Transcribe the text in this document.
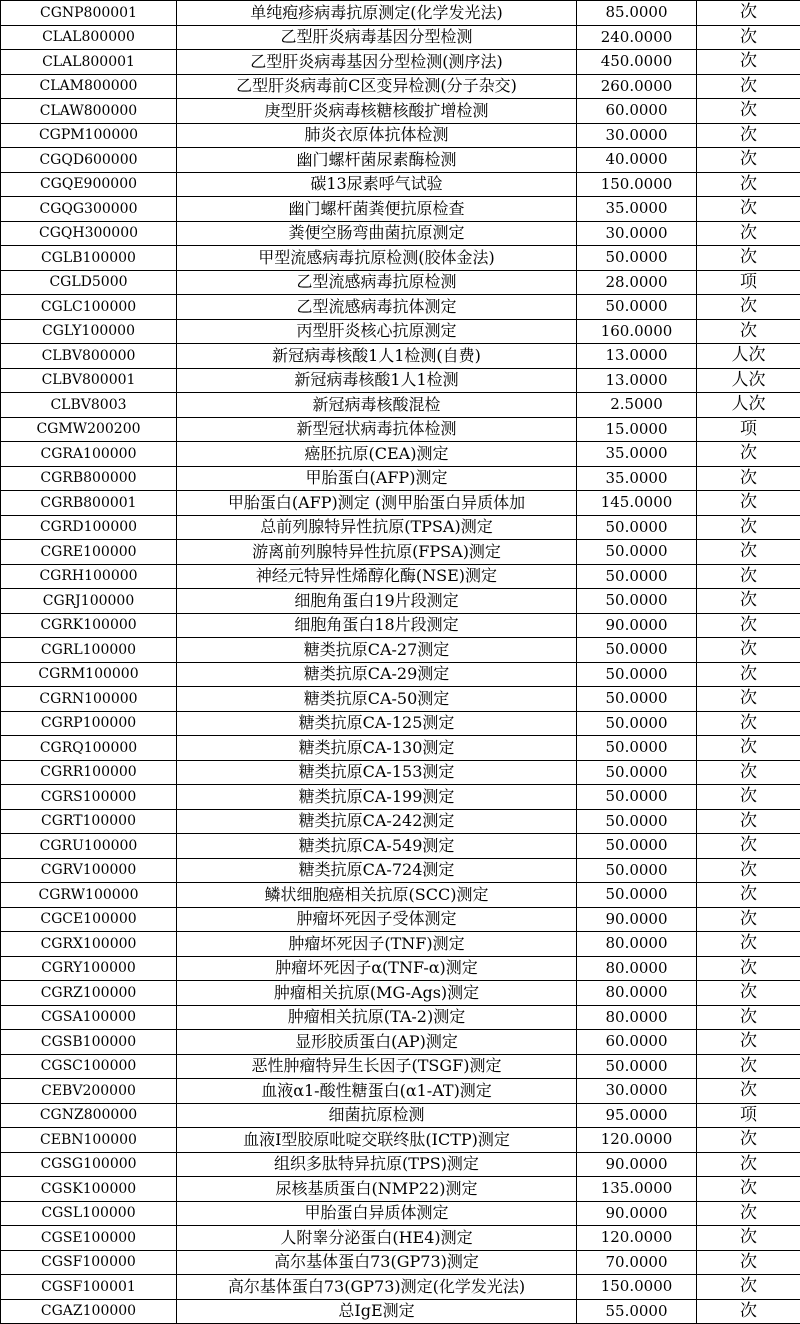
CGNP800001	单纯疱疹病毒抗原测定(化学发光法)	85.0000	次
CLAL800000	乙型肝炎病毒基因分型检测	240.0000	次
CLAL800001	乙型肝炎病毒基因分型检测(测序法)	450.0000	次
CLAM800000	乙型肝炎病毒前C区变异检测(分子杂交)	260.0000	次
CLAW800000	庚型肝炎病毒核糖核酸扩增检测	60.0000	次
CGPM100000	肺炎衣原体抗体检测	30.0000	次
CGQD600000	幽门螺杆菌尿素酶检测	40.0000	次
CGQE900000	碳13尿素呼气试验	150.0000	次
CGQG300000	幽门螺杆菌粪便抗原检查	35.0000	次
CGQH300000	粪便空肠弯曲菌抗原测定	30.0000	次
CGLB100000	甲型流感病毒抗原检测(胶体金法)	50.0000	次
CGLD5000	乙型流感病毒抗原检测	28.0000	项
CGLC100000	乙型流感病毒抗体测定	50.0000	次
CGLY100000	丙型肝炎核心抗原测定	160.0000	次
CLBV800000	新冠病毒核酸1人1检测(自费)	13.0000	人次
CLBV800001	新冠病毒核酸1人1检测	13.0000	人次
CLBV8003	新冠病毒核酸混检	2.5000	人次
CGMW200200	新型冠状病毒抗体检测	15.0000	项
CGRA100000	癌胚抗原(CEA)测定	35.0000	次
CGRB800000	甲胎蛋白(AFP)测定	35.0000	次
CGRB800001	甲胎蛋白(AFP)测定 (测甲胎蛋白异质体加	145.0000	次
CGRD100000	总前列腺特异性抗原(TPSA)测定	50.0000	次
CGRE100000	游离前列腺特异性抗原(FPSA)测定	50.0000	次
CGRH100000	神经元特异性烯醇化酶(NSE)测定	50.0000	次
CGRJ100000	细胞角蛋白19片段测定	50.0000	次
CGRK100000	细胞角蛋白18片段测定	90.0000	次
CGRL100000	糖类抗原CA-27测定	50.0000	次
CGRM100000	糖类抗原CA-29测定	50.0000	次
CGRN100000	糖类抗原CA-50测定	50.0000	次
CGRP100000	糖类抗原CA-125测定	50.0000	次
CGRQ100000	糖类抗原CA-130测定	50.0000	次
CGRR100000	糖类抗原CA-153测定	50.0000	次
CGRS100000	糖类抗原CA-199测定	50.0000	次
CGRT100000	糖类抗原CA-242测定	50.0000	次
CGRU100000	糖类抗原CA-549测定	50.0000	次
CGRV100000	糖类抗原CA-724测定	50.0000	次
CGRW100000	鳞状细胞癌相关抗原(SCC)测定	50.0000	次
CGCE100000	肿瘤坏死因子受体测定	90.0000	次
CGRX100000	肿瘤坏死因子(TNF)测定	80.0000	次
CGRY100000	肿瘤坏死因子α(TNF-α)测定	80.0000	次
CGRZ100000	肿瘤相关抗原(MG-Ags)测定	80.0000	次
CGSA100000	肿瘤相关抗原(TA-2)测定	80.0000	次
CGSB100000	显形胶质蛋白(AP)测定	60.0000	次
CGSC100000	恶性肿瘤特异生长因子(TSGF)测定	50.0000	次
CEBV200000	血液α1-酸性糖蛋白(α1-AT)测定	30.0000	次
CGNZ800000	细菌抗原检测	95.0000	项
CEBN100000	血液Ⅰ型胶原吡啶交联终肽(ICTP)测定	120.0000	次
CGSG100000	组织多肽特异抗原(TPS)测定	90.0000	次
CGSK100000	尿核基质蛋白(NMP22)测定	135.0000	次
CGSL100000	甲胎蛋白异质体测定	90.0000	次
CGSE100000	人附睾分泌蛋白(HE4)测定	120.0000	次
CGSF100000	高尔基体蛋白73(GP73)测定	70.0000	次
CGSF100001	高尔基体蛋白73(GP73)测定(化学发光法)	150.0000	次
CGAZ100000	总IgE测定	55.0000	次
